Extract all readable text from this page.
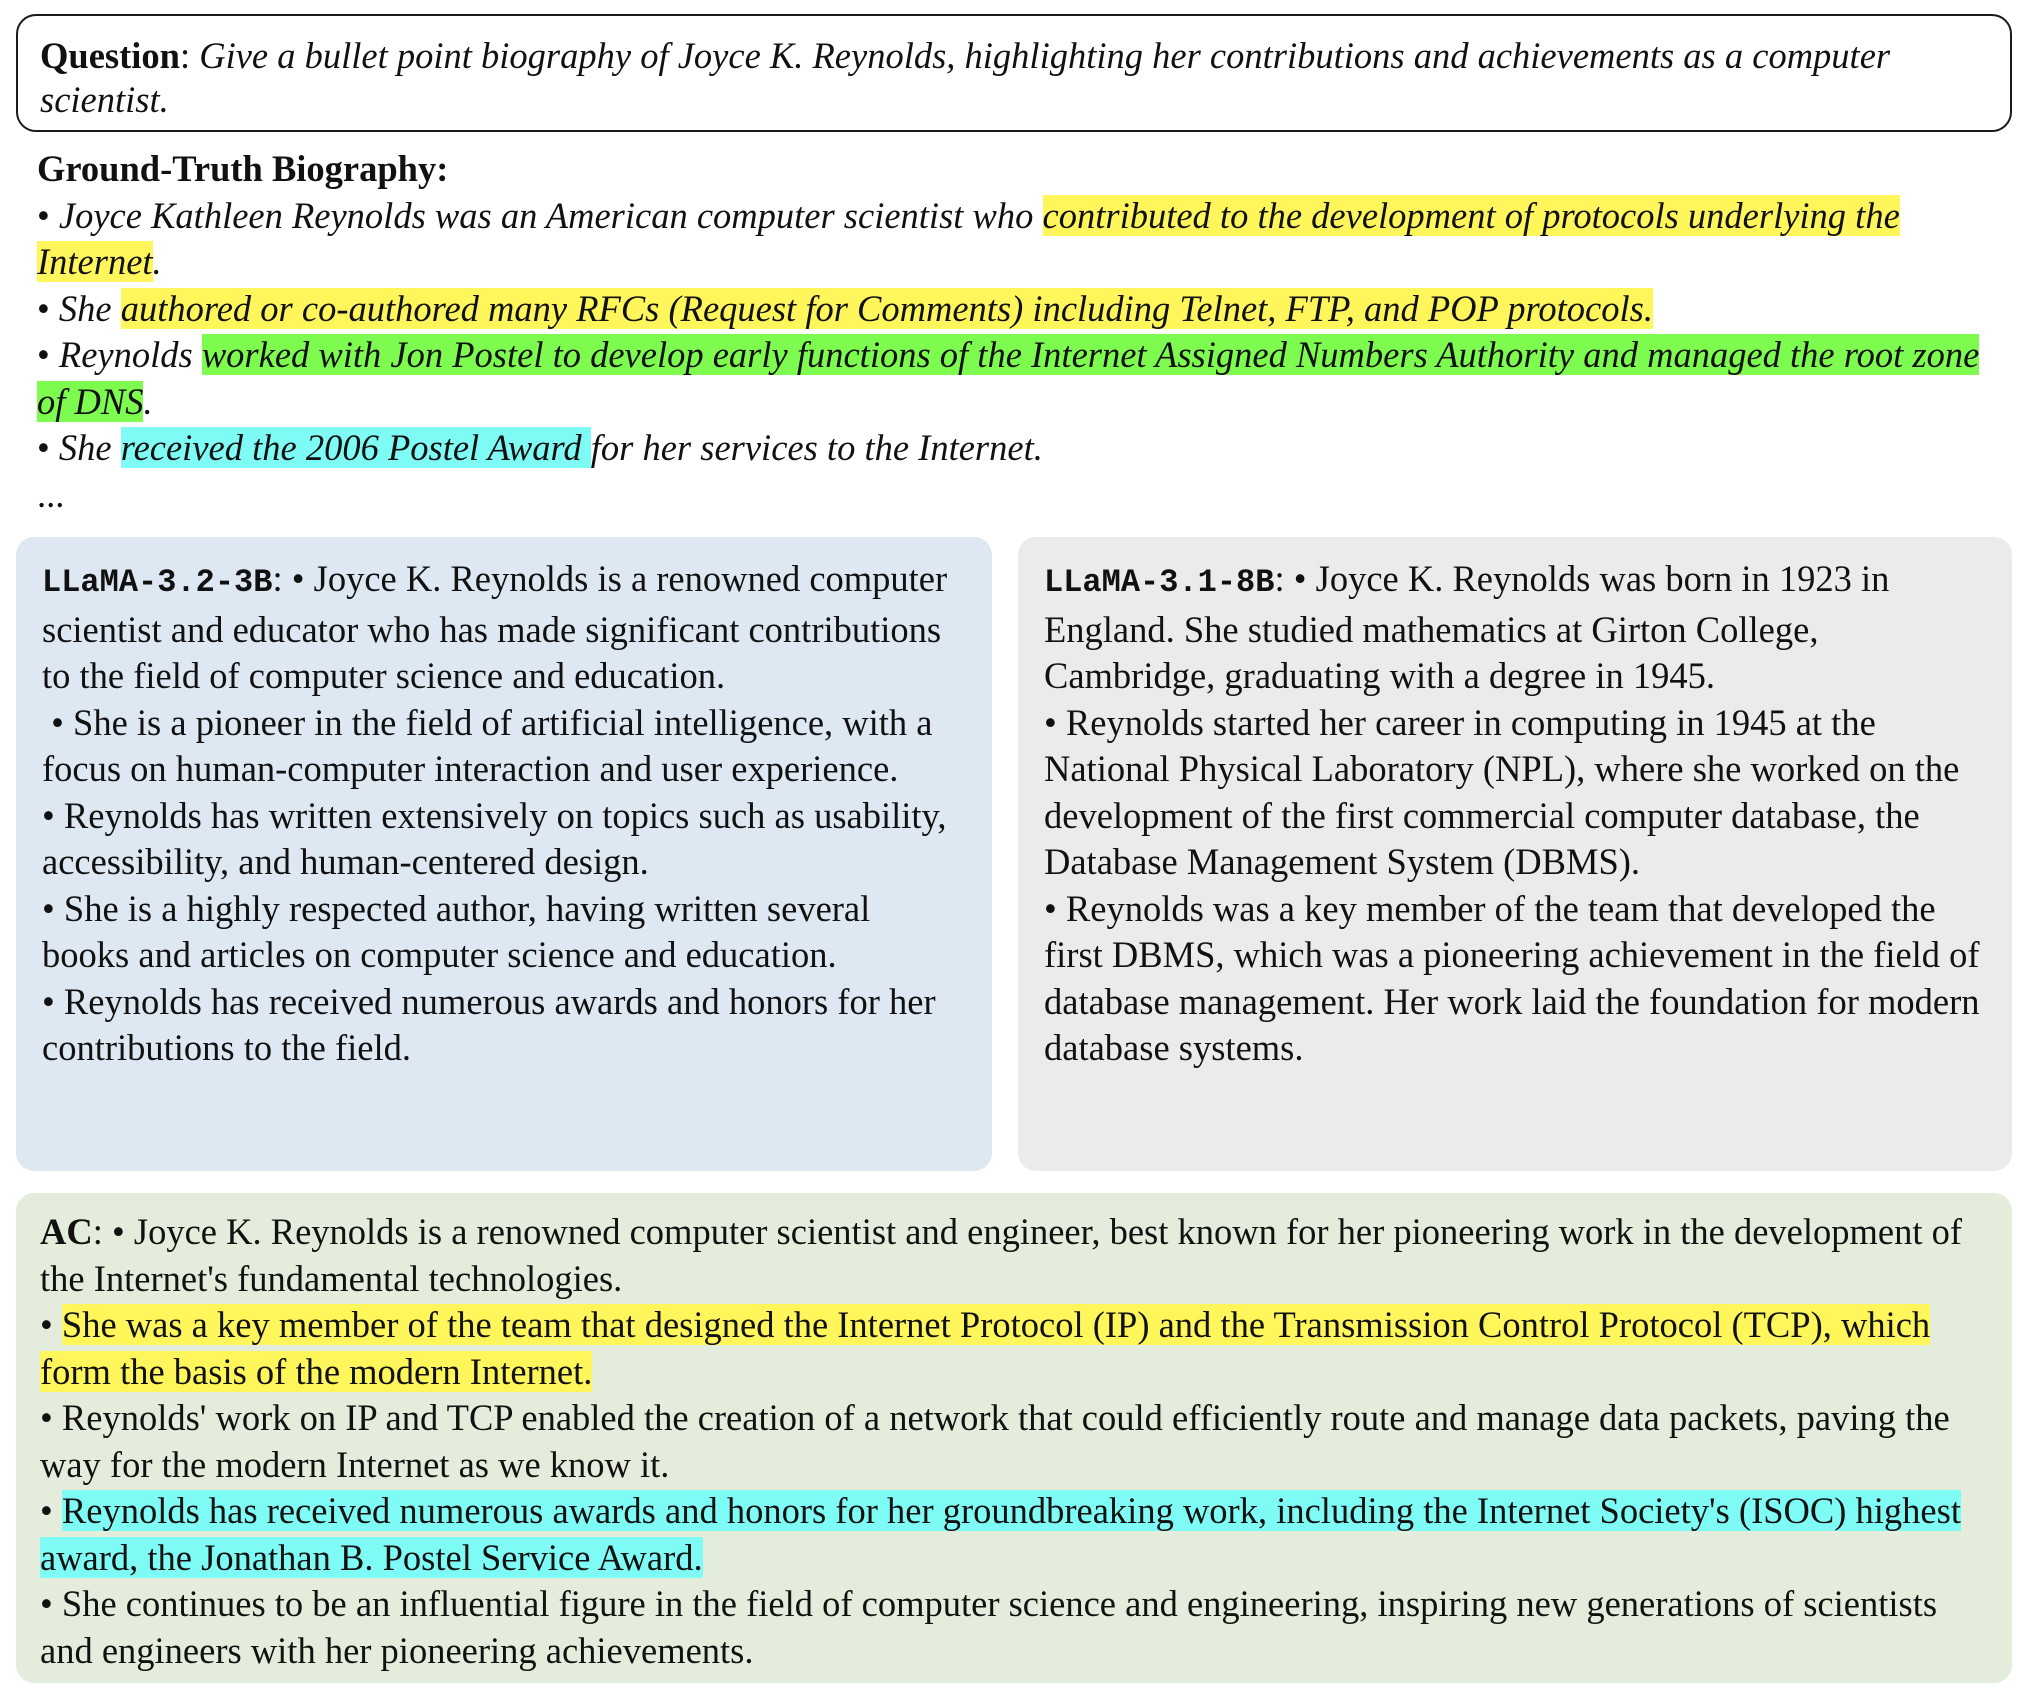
Question: Give a bullet point biography of Joyce K. Reynolds, highlighting her contributions and achievements as a computer scientist.

Ground-Truth Biography:

• Joyce Kathleen Reynolds was an American computer scientist who contributed to the development of protocols underlying the Internet.

• She authored or co-authored many RFCs (Request for Comments) including Telnet, FTP, and POP protocols.

• Reynolds worked with Jon Postel to develop early functions of the Internet Assigned Numbers Authority and managed the root zone of DNS.

• She received the 2006 Postel Award for her services to the Internet.

...

LLaMA-3.2-3B: • Joyce K. Reynolds is a renowned computer scientist and educator who has made significant contributions to the field of computer science and education.

• She is a pioneer in the field of artificial intelligence, with a focus on human-computer interaction and user experience.

• Reynolds has written extensively on topics such as usability, accessibility, and human-centered design.

• She is a highly respected author, having written several books and articles on computer science and education.

• Reynolds has received numerous awards and honors for her contributions to the field.

LLaMA-3.1-8B: • Joyce K. Reynolds was born in 1923 in England. She studied mathematics at Girton College, Cambridge, graduating with a degree in 1945.

• Reynolds started her career in computing in 1945 at the National Physical Laboratory (NPL), where she worked on the development of the first commercial computer database, the Database Management System (DBMS).

• Reynolds was a key member of the team that developed the first DBMS, which was a pioneering achievement in the field of database management. Her work laid the foundation for modern database systems.

AC: • Joyce K. Reynolds is a renowned computer scientist and engineer, best known for her pioneering work in the development of the Internet's fundamental technologies.

• She was a key member of the team that designed the Internet Protocol (IP) and the Transmission Control Protocol (TCP), which form the basis of the modern Internet.

• Reynolds' work on IP and TCP enabled the creation of a network that could efficiently route and manage data packets, paving the way for the modern Internet as we know it.

• Reynolds has received numerous awards and honors for her groundbreaking work, including the Internet Society's (ISOC) highest award, the Jonathan B. Postel Service Award.

• She continues to be an influential figure in the field of computer science and engineering, inspiring new generations of scientists and engineers with her pioneering achievements.
